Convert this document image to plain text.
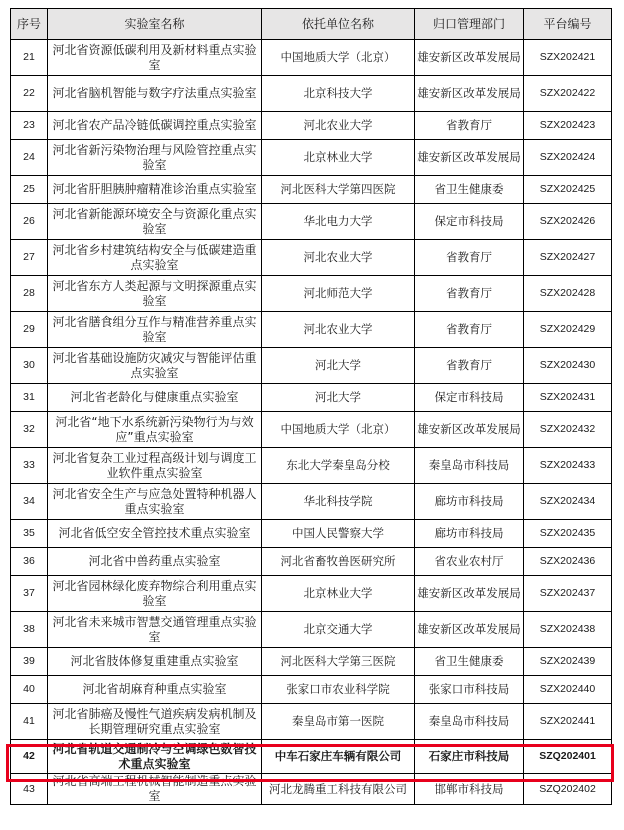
序号	实验室名称	依托单位名称	归口管理部门	平台编号
21	河北省资源低碳利用及新材料重点实验室	中国地质大学（北京）	雄安新区改革发展局	SZX202421
22	河北省脑机智能与数字疗法重点实验室	北京科技大学	雄安新区改革发展局	SZX202422
23	河北省农产品冷链低碳调控重点实验室	河北农业大学	省教育厅	SZX202423
24	河北省新污染物治理与风险管控重点实验室	北京林业大学	雄安新区改革发展局	SZX202424
25	河北省肝胆胰肿瘤精准诊治重点实验室	河北医科大学第四医院	省卫生健康委	SZX202425
26	河北省新能源环境安全与资源化重点实验室	华北电力大学	保定市科技局	SZX202426
27	河北省乡村建筑结构安全与低碳建造重点实验室	河北农业大学	省教育厅	SZX202427
28	河北省东方人类起源与文明探源重点实验室	河北师范大学	省教育厅	SZX202428
29	河北省膳食组分互作与精准营养重点实验室	河北农业大学	省教育厅	SZX202429
30	河北省基础设施防灾减灾与智能评估重点实验室	河北大学	省教育厅	SZX202430
31	河北省老龄化与健康重点实验室	河北大学	保定市科技局	SZX202431
32	河北省“地下水系统新污染物行为与效应”重点实验室	中国地质大学（北京）	雄安新区改革发展局	SZX202432
33	河北省复杂工业过程高级计划与调度工业软件重点实验室	东北大学秦皇岛分校	秦皇岛市科技局	SZX202433
34	河北省安全生产与应急处置特种机器人重点实验室	华北科技学院	廊坊市科技局	SZX202434
35	河北省低空安全管控技术重点实验室	中国人民警察大学	廊坊市科技局	SZX202435
36	河北省中兽药重点实验室	河北省畜牧兽医研究所	省农业农村厅	SZX202436
37	河北省园林绿化废弃物综合利用重点实验室	北京林业大学	雄安新区改革发展局	SZX202437
38	河北省未来城市智慧交通管理重点实验室	北京交通大学	雄安新区改革发展局	SZX202438
39	河北省肢体修复重建重点实验室	河北医科大学第三医院	省卫生健康委	SZX202439
40	河北省胡麻育种重点实验室	张家口市农业科学院	张家口市科技局	SZX202440
41	河北省肺癌及慢性气道疾病发病机制及长期管理研究重点实验室	秦皇岛市第一医院	秦皇岛市科技局	SZX202441
42	河北省轨道交通制冷与空调绿色数智技术重点实验室	中车石家庄车辆有限公司	石家庄市科技局	SZQ202401
43	河北省高端工程机械智能制造重点实验室	河北龙腾重工科技有限公司	邯郸市科技局	SZQ202402
